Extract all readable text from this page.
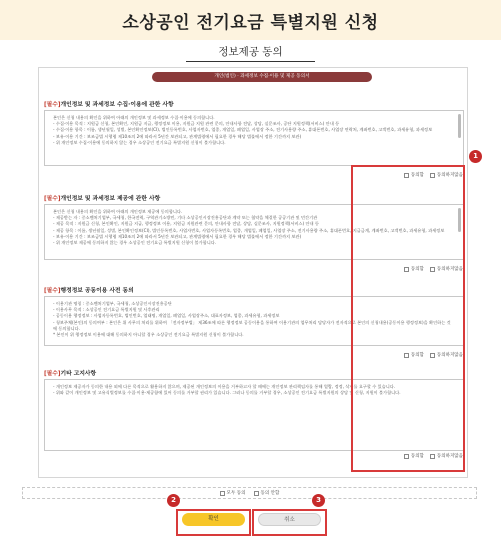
소상공인 전기요금 특별지원 신청
정보제공 동의
개인(법인) · 과세정보 수집·이용 및 제공 동의서
[필수]개인정보 및 과세정보 수집·이용에 관한 사항
본인은 신청 내용의 확인을 위하여 아래의 개인정보 및 과세정보 수집·이용에 동의합니다.
- 수집·이용 목적 : 지원금 신청, 본인확인, 지원금 지급, 행정정보 이용, 지원금 지원 관련 문의, 안내사항 전달, 상담, 실문조사, 공단 지원정책(서비스) 안내 등
- 수집·이용 항목 : 이름, 생년월일, 성별, 본인확인정보(CI), 법인등록번호, 사업자번호, 업종, 개업일, 폐업일, 사업장 주소, 전기사용량 주소, 휴대폰번호, 사업장 연락처, 계좌번호, 고객번호, 과세유형, 과세정보
- 보유·이용 기간 : 보조금법 시행령 제10조의 2에 따라서 5년간 보관되고, 관계법령에서 필요한 경우 해당 법률에서 정한 기간까지 보관)
- 위 개인정보 수집·이용에 동의하지 않는 경우 소상공인 전기요금 특별지원 신청이 불가합니다.
동의함	동의하지않음
[필수]개인정보 및 과세정보 제공에 관한 사항
본인은 신청 내용의 확인을 위하여 아래의 개인정보 제공에 동의합니다.
- 제공받는 자 : 중소벤처기업부, 국세청, 한국전력, 구역관기소방민, 기타 소상공인시장진흥공단과 계약 또는 협약을 체결한 공공기관 및 민간기관
- 제공 목적 : 지원금 신청, 본인확인, 지원금 지급, 행정정보 이용, 지원금 지원관련 문의, 안내사항 전달, 상담, 실문조사, 지원정책(서비스) 안내 등
- 제공 항목 : 이름, 생년월일, 성별, 본인확인정보(CI), 법인등록번호, 사업자번호, 사업자등록번호, 업종, 개업일, 폐업일, 사업장 주소, 전기사용량 주소, 휴대폰번호, 지급금계, 계좌번호, 고객번호, 과세유형, 과세정보
- 보유·이용 기간 : 보조금법 시행령 제10조의 2에 따라서 5년간 보관되고, 관계법령에서 필요한 경우 해당 법률에서 정한 기간까지 보관)
- 위 개인정보 제공에 동의하지 않는 경우 소상공인 전기요금 특별지원 신청이 불가합니다.
동의함	동의하지않음
[필수]행정정보 공동이용 사전 동의
- 이용기관 명칭 : 중소벤처기업부, 국세청, 소상공인시장진흥공단
- 이용사무 목적 : 소상공인 전기요금 특별지원 및 사후관리
- 공동이용 행정정보 : 사업자등록번호, 법인번호, 업태명, 개업일, 폐업일, 사업장주소, 대표자정보, 업종, 과세유형, 과세정보
- 청보주체(본인)의 동의여부 : 본인은 위 사무의 처리를 위하여 「전자정부법」 제36조에 따른 행정정보 공동이용을 통하여 이용기관의 업무처리 담당자가 전자적으로 본인의 신청내용(공동이용 행정정보)을 확인하는 것에 동의합니다.
* 본인이 위 행정정보 이용에 대해 동의하지 아니할 경우 소상공인 전기요금 특별지원 신청이 불가합니다.
동의함	동의하지않음
[필수]기타 고지사항
- 개인정보 제공자가 동의한 내용 외에 다른 목적으로 활용하지 않으며, 제공된 개인정보의 이용을 거부하고자 할 때에는 개인정보 관리책임자를 통해 열람, 정정, 삭제를 요구할 수 있습니다.
- 위와 같이 개인정보 및 고유식별정보를 수집·이용·제공함에 있어 동의를 거부할 권리가 있습니다. 그러나 동의를 거부할 경우, 소상공인 전기요금 특별지원의 상담 및 신청, 지원이 불가합니다.
동의함	동의하지않음
모두 동의	동의 안함
확인	취소
1
2	3
